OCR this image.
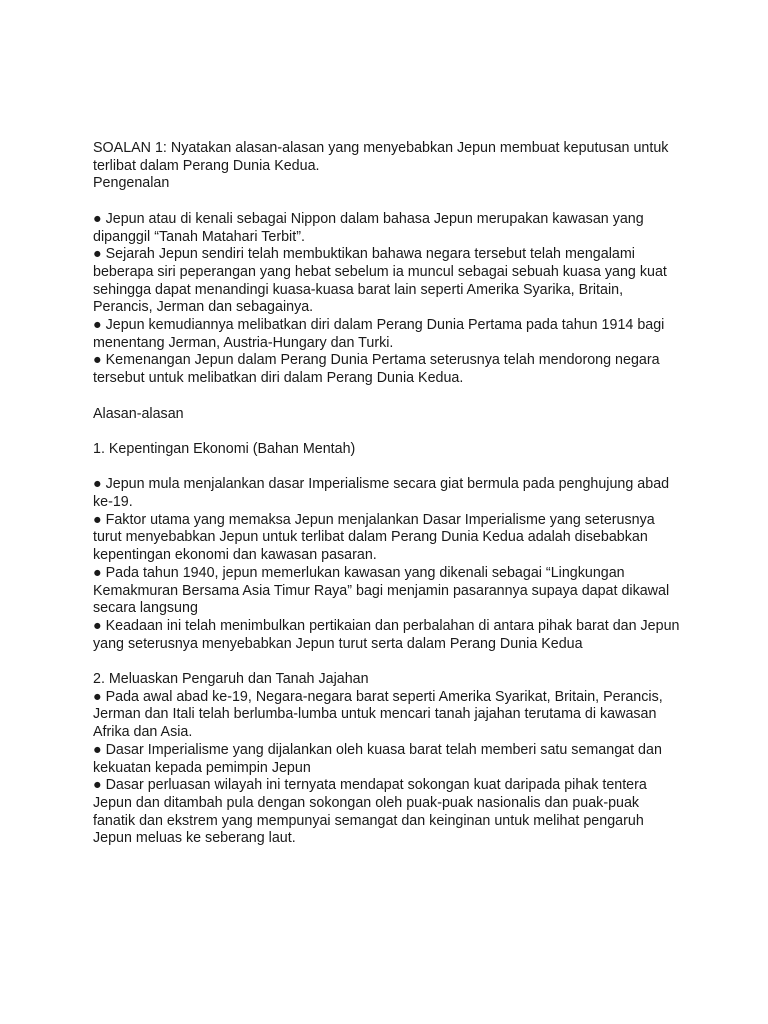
SOALAN 1: Nyatakan alasan-alasan yang menyebabkan Jepun membuat keputusan untuk terlibat dalam Perang Dunia Kedua.
Pengenalan
● Jepun atau di kenali sebagai Nippon dalam bahasa Jepun merupakan kawasan yang dipanggil “Tanah Matahari Terbit”.
● Sejarah Jepun sendiri telah membuktikan bahawa negara tersebut telah mengalami beberapa siri peperangan yang hebat sebelum ia muncul sebagai sebuah kuasa yang kuat sehingga dapat menandingi kuasa-kuasa barat lain seperti Amerika Syarika, Britain, Perancis, Jerman dan sebagainya.
● Jepun kemudiannya melibatkan diri dalam Perang Dunia Pertama pada tahun 1914 bagi menentang Jerman, Austria-Hungary dan Turki.
● Kemenangan Jepun dalam Perang Dunia Pertama seterusnya telah mendorong negara tersebut untuk melibatkan diri dalam Perang Dunia Kedua.
Alasan-alasan
1. Kepentingan Ekonomi (Bahan Mentah)
● Jepun mula menjalankan dasar Imperialisme secara giat bermula pada penghujung abad ke-19.
● Faktor utama yang memaksa Jepun menjalankan Dasar Imperialisme yang seterusnya turut menyebabkan Jepun untuk terlibat dalam Perang Dunia Kedua adalah disebabkan kepentingan ekonomi dan kawasan pasaran.
● Pada tahun 1940, jepun memerlukan kawasan yang dikenali sebagai “Lingkungan Kemakmuran Bersama Asia Timur Raya” bagi menjamin pasarannya supaya dapat dikawal secara langsung
● Keadaan ini telah menimbulkan pertikaian dan perbalahan di antara pihak barat dan Jepun yang seterusnya menyebabkan Jepun turut serta dalam Perang Dunia Kedua
2. Meluaskan Pengaruh dan Tanah Jajahan
● Pada awal abad ke-19, Negara-negara barat seperti Amerika Syarikat, Britain, Perancis, Jerman dan Itali telah berlumba-lumba untuk mencari tanah jajahan terutama di kawasan Afrika dan Asia.
● Dasar Imperialisme yang dijalankan oleh kuasa barat telah memberi satu semangat dan kekuatan kepada pemimpin Jepun
● Dasar perluasan wilayah ini ternyata mendapat sokongan kuat daripada pihak tentera Jepun dan ditambah pula dengan sokongan oleh puak-puak nasionalis dan puak-puak fanatik dan ekstrem yang mempunyai semangat dan keinginan untuk melihat pengaruh Jepun meluas ke seberang laut.
